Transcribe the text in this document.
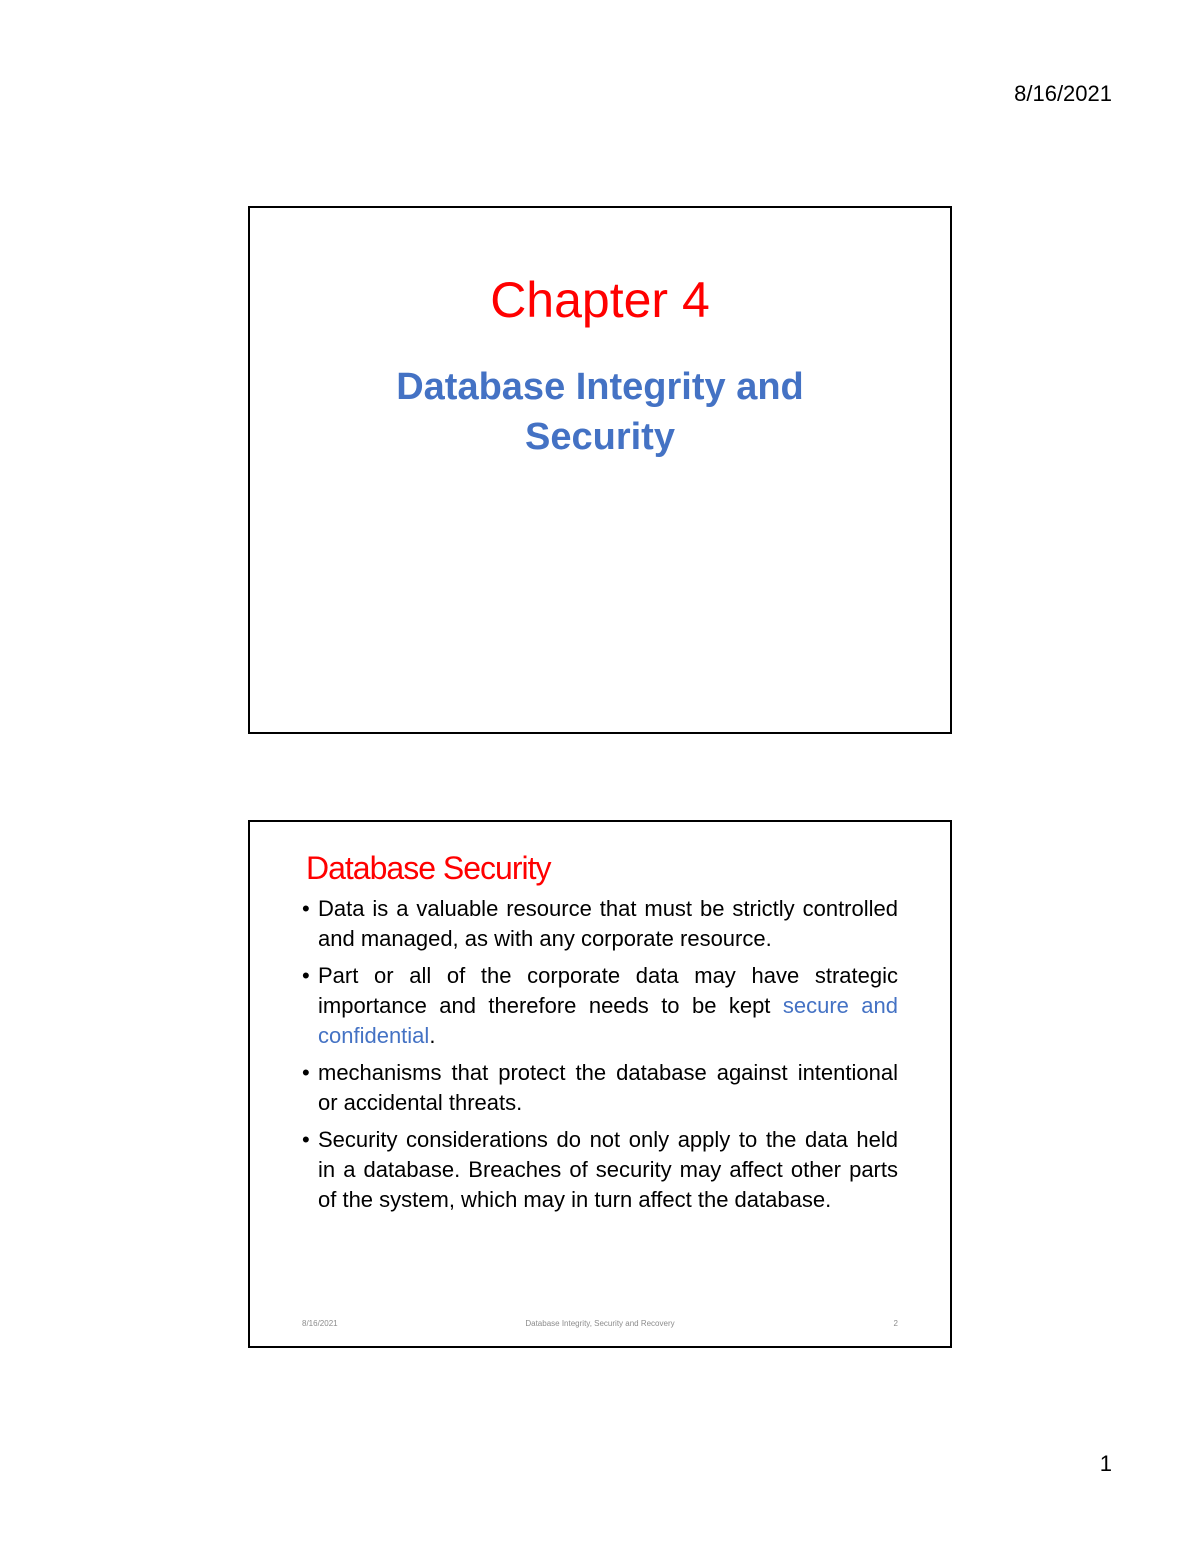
8/16/2021
Chapter 4
Database Integrity and Security
Database Security
• Data is a valuable resource that must be strictly controlled and managed, as with any corporate resource.
• Part or all of the corporate data may have strategic importance and therefore needs to be kept secure and confidential.
• mechanisms that protect the database against intentional or accidental threats.
• Security considerations do not only apply to the data held in a database. Breaches of security may affect other parts of the system, which may in turn affect the database.
8/16/2021	Database Integrity, Security and Recovery	2
1
